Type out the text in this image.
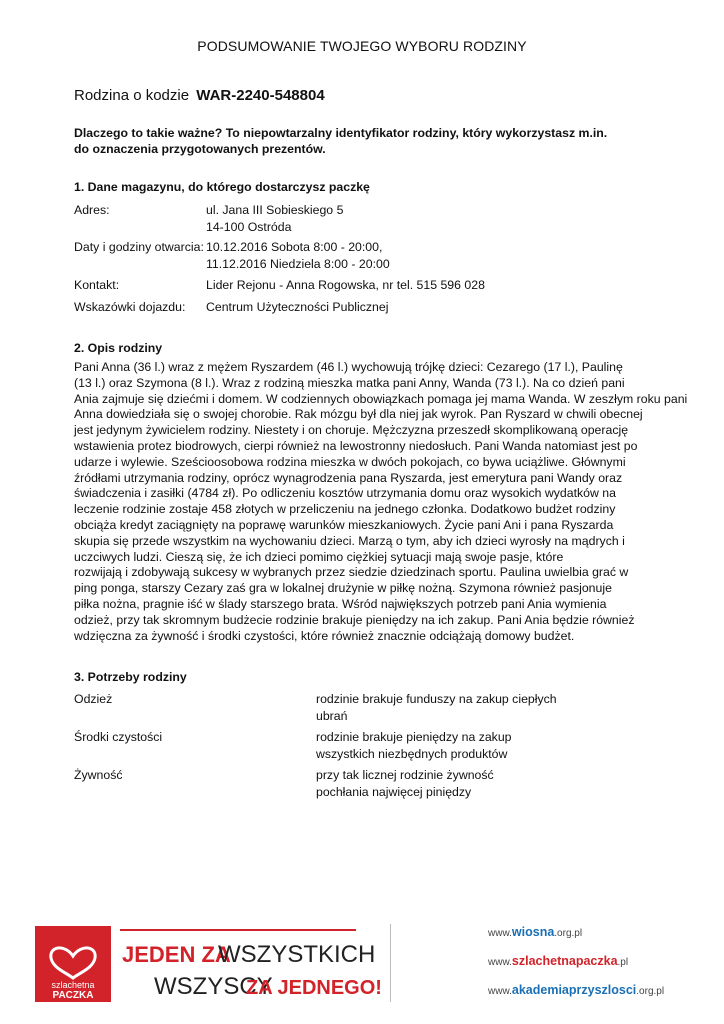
PODSUMOWANIE TWOJEGO WYBORU RODZINY
Rodzina o kodzie WAR-2240-548804
Dlaczego to takie ważne? To niepowtarzalny identyfikator rodziny, który wykorzystasz m.in.
do oznaczenia przygotowanych prezentów.
1. Dane magazynu, do którego dostarczysz paczkę
Adres:	ul. Jana III Sobieskiego 5
14-100 Ostróda
Daty i godziny otwarcia: 10.12.2016 Sobota 8:00 - 20:00,
11.12.2016 Niedziela 8:00 - 20:00
Kontakt:	Lider Rejonu - Anna Rogowska, nr tel. 515 596 028
Wskazówki dojazdu: Centrum Użyteczności Publicznej
2. Opis rodziny
Pani Anna (36 l.) wraz z mężem Ryszardem (46 l.) wychowują trójkę dzieci: Cezarego (17 l.), Paulinę
(13 l.) oraz Szymona (8 l.). Wraz z rodziną mieszka matka pani Anny, Wanda (73 l.). Na co dzień pani
Ania zajmuje się dziećmi i domem. W codziennych obowiązkach pomaga jej mama Wanda. W zeszłym roku pani
Anna dowiedziała się o swojej chorobie. Rak mózgu był dla niej jak wyrok. Pan Ryszard w chwili obecnej
jest jedynym żywicielem rodziny. Niestety i on choruje. Mężczyzna przeszedł skomplikowaną operację
wstawienia protez biodrowych, cierpi również na lewostronny niedosłuch. Pani Wanda natomiast jest po
udarze i wylewie. Sześcioosobowa rodzina mieszka w dwóch pokojach, co bywa uciążliwe. Głównymi
źródłami utrzymania rodziny, oprócz wynagrodzenia pana Ryszarda, jest emerytura pani Wandy oraz
świadczenia i zasiłki (4784 zł). Po odliczeniu kosztów utrzymania domu oraz wysokich wydatków na
leczenie rodzinie zostaje 458 złotych w przeliczeniu na jednego członka. Dodatkowo budżet rodziny
obciąża kredyt zaciągnięty na poprawę warunków mieszkaniowych. Życie pani Ani i pana Ryszarda
skupia się przede wszystkim na wychowaniu dzieci. Marzą o tym, aby ich dzieci wyrosły na mądrych i
uczciwych ludzi. Cieszą się, że ich dzieci pomimo ciężkiej sytuacji mają swoje pasje, które
rozwijają i zdobywają sukcesy w wybranych przez siedzie dziedzinach sportu. Paulina uwielbia grać w
ping ponga, starszy Cezary zaś gra w lokalnej drużynie w piłkę nożną. Szymona również pasjonuje
piłka nożna, pragnie iść w ślady starszego brata. Wśród największych potrzeb pani Ania wymienia
odzież, przy tak skromnym budżecie rodzinie brakuje pieniędzy na ich zakup. Pani Ania będzie również
wdzięczna za żywność i środki czystości, które również znacznie odciążają domowy budżet.
3. Potrzeby rodziny
Odzież	rodzinie brakuje funduszy na zakup ciepłych
ubrań
Środki czystości	rodzinie brakuje pieniędzy na zakup
wszystkich niezbędnych produktów
Żywność	przy tak licznej rodzinie żywność
pochłania najwięcej piniędzy
szlachetna
PACZKA
JEDEN ZA
WSZYSTKICH
WSZYSCY
ZA JEDNEGO!
www.wiosna.org.pl
www.szlachetnapaczka.pl
www.akademiaprzyszlosci.org.pl
